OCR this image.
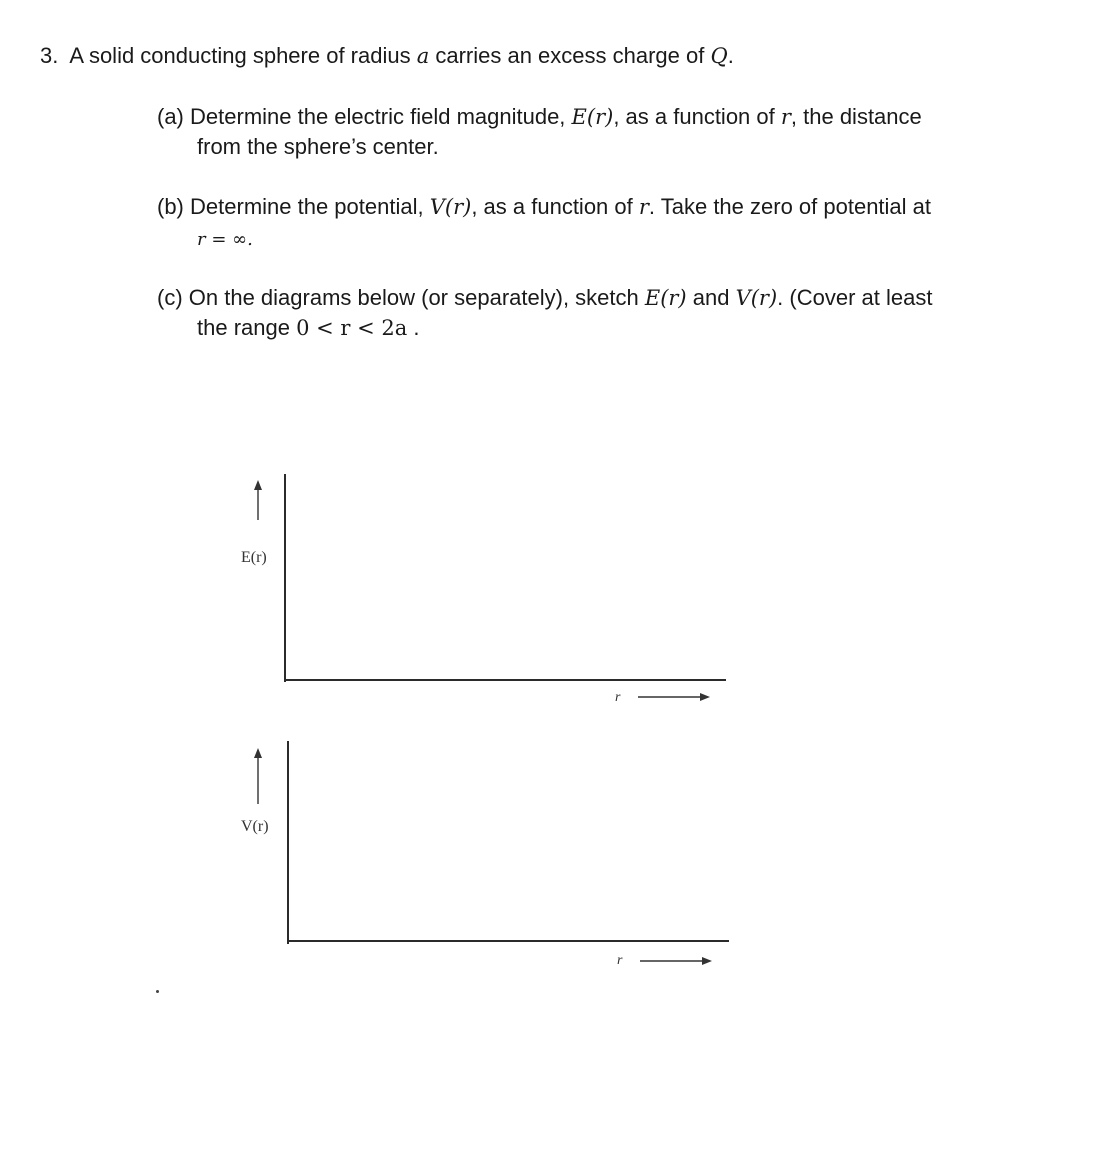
3. A solid conducting sphere of radius a carries an excess charge of Q.
(a) Determine the electric field magnitude, E(r), as a function of r, the distance
from the sphere’s center.
(b) Determine the potential, V(r), as a function of r. Take the zero of potential at
r = ∞.
(c) On the diagrams below (or separately), sketch E(r) and V(r). (Cover at least
the range 0 < r < 2a .
E(r)
r
V(r)
r
